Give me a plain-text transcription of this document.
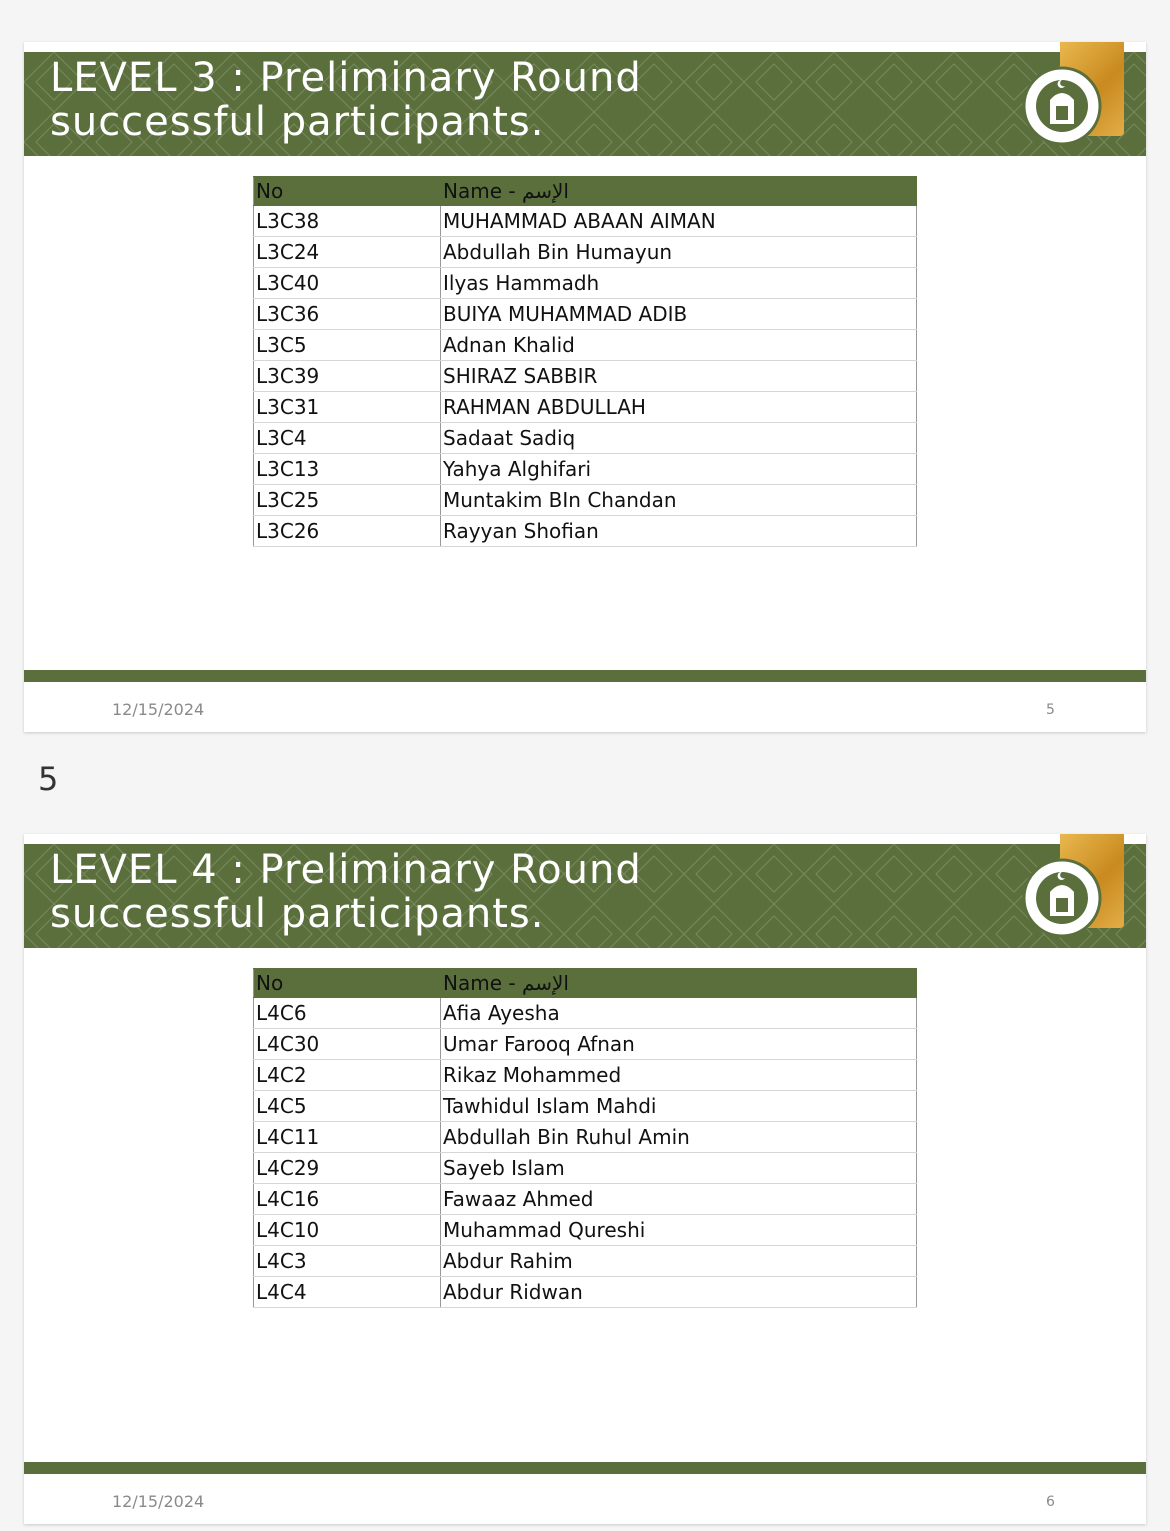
LEVEL 3 : Preliminary Round
successful participants.
No	Name - الإسم
L3C38	MUHAMMAD ABAAN AIMAN
L3C24	Abdullah Bin Humayun
L3C40	Ilyas Hammadh
L3C36	BUIYA MUHAMMAD ADIB
L3C5	Adnan Khalid
L3C39	SHIRAZ SABBIR
L3C31	RAHMAN ABDULLAH
L3C4	Sadaat Sadiq
L3C13	Yahya Alghifari
L3C25	Muntakim BIn Chandan
L3C26	Rayyan Shofian
12/15/2024	5
5
LEVEL 4 : Preliminary Round
successful participants.
No	Name - الإسم
L4C6	Afia Ayesha
L4C30	Umar Farooq Afnan
L4C2	Rikaz Mohammed
L4C5	Tawhidul Islam Mahdi
L4C11	Abdullah Bin Ruhul Amin
L4C29	Sayeb Islam
L4C16	Fawaaz Ahmed
L4C10	Muhammad Qureshi
L4C3	Abdur Rahim
L4C4	Abdur Ridwan
12/15/2024	6
